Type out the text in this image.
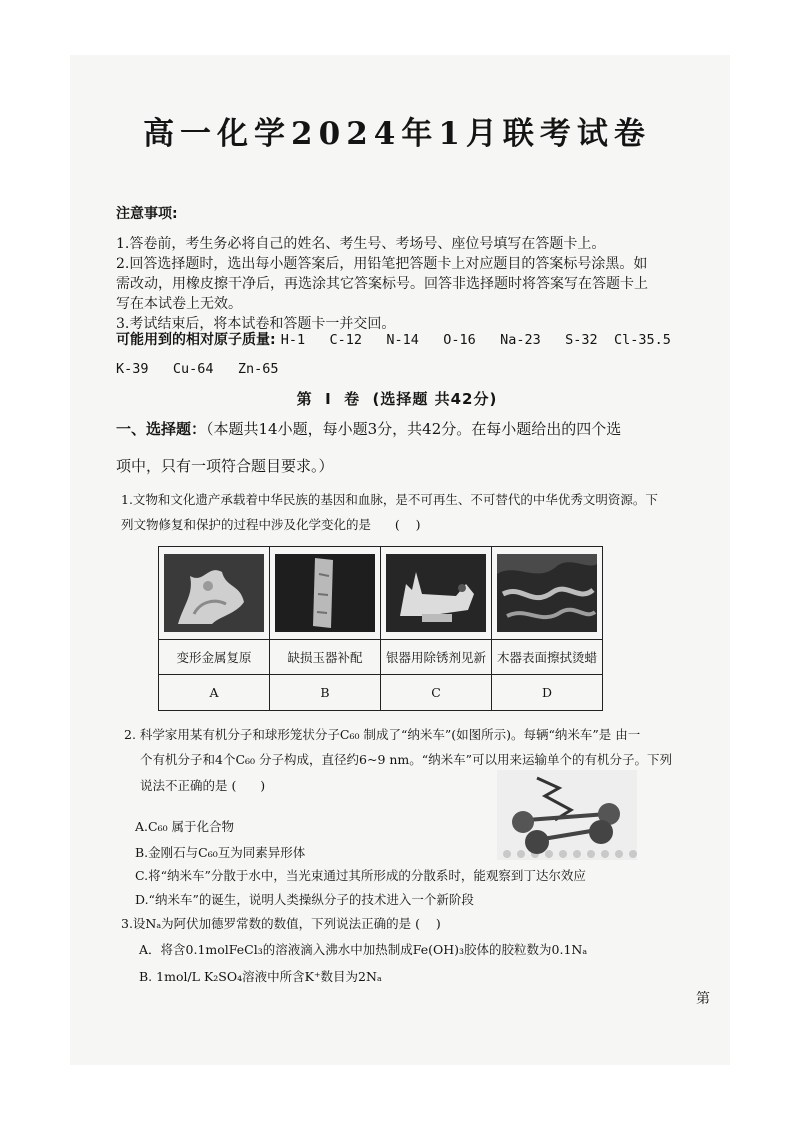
高一化学2024年1月联考试卷
注意事项:
1.答卷前，考生务必将自己的姓名、考生号、考场号、座位号填写在答题卡上。
2.回答选择题时，选出每小题答案后，用铅笔把答题卡上对应题目的答案标号涂黑。如
需改动，用橡皮擦干净后，再选涂其它答案标号。回答非选择题时将答案写在答题卡上
写在本试卷上无效。
3.考试结束后，将本试卷和答题卡一并交回。
可能用到的相对原子质量: H-1   C-12   N-14   O-16   Na-23   S-32  Cl-35.5
K-39   Cu-64   Zn-65
第  Ⅰ  卷  (选择题 共42分)
一、选择题：（本题共14小题，每小题3分，共42分。在每小题给出的四个选
项中，只有一项符合题目要求。）
1.文物和文化遗产承载着中华民族的基因和血脉，是不可再生、不可替代的中华优秀文明资源。下
列文物修复和保护的过程中涉及化学变化的是      (    )

变形金属复原	缺损玉器补配	银器用除锈剂见新	木器表面擦拭烫蜡
A	B	C	D
2. 科学家用某有机分子和球形笼状分子C₆₀ 制成了“纳米车”(如图所示)。每辆“纳米车”是 由一
个有机分子和4个C₆₀ 分子构成，直径约6~9 nm。“纳米车”可以用来运输单个的有机分子。下列
说法不正确的是 (      )
A.C₆₀ 属于化合物
B.金刚石与C₆₀互为同素异形体
C.将“纳米车”分散于水中，当光束通过其所形成的分散系时，能观察到丁达尔效应
D.“纳米车”的诞生，说明人类操纵分子的技术进入一个新阶段
3.设Nₐ为阿伏加德罗常数的数值，下列说法正确的是 (    )
A．将含0.1molFeCl₃的溶液滴入沸水中加热制成Fe(OH)₃胶体的胶粒数为0.1Nₐ
B. 1mol/L K₂SO₄溶液中所含K⁺数目为2Nₐ
第
